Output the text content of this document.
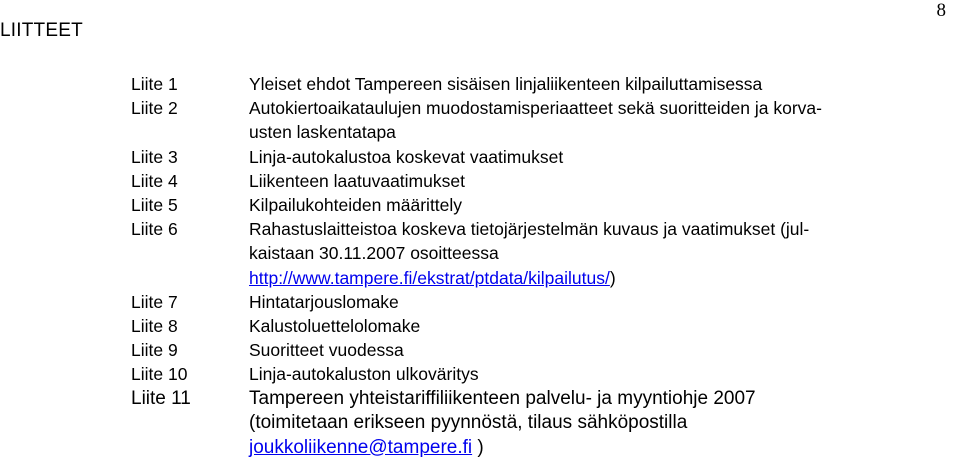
8
LIITTEET
Liite 1	Yleiset ehdot Tampereen sisäisen linjaliikenteen kilpailuttamisessa
Liite 2	Autokiertoaikataulujen muodostamisperiaatteet sekä suoritteiden ja korva-
usten laskentatapa
Liite 3	Linja-autokalustoa koskevat vaatimukset
Liite 4	Liikenteen laatuvaatimukset
Liite 5	Kilpailukohteiden määrittely
Liite 6	Rahastuslaitteistoa koskeva tietojärjestelmän kuvaus ja vaatimukset (jul-
kaistaan 30.11.2007 osoitteessa
http://www.tampere.fi/ekstrat/ptdata/kilpailutus/)
Liite 7	Hintatarjouslomake
Liite 8	Kalustoluettelolomake
Liite 9	Suoritteet vuodessa
Liite 10	Linja-autokaluston ulkoväritys
Liite 11	Tampereen yhteistariffiliikenteen palvelu- ja myyntiohje 2007
(toimitetaan erikseen pyynnöstä, tilaus sähköpostilla
joukkoliikenne@tampere.fi )
